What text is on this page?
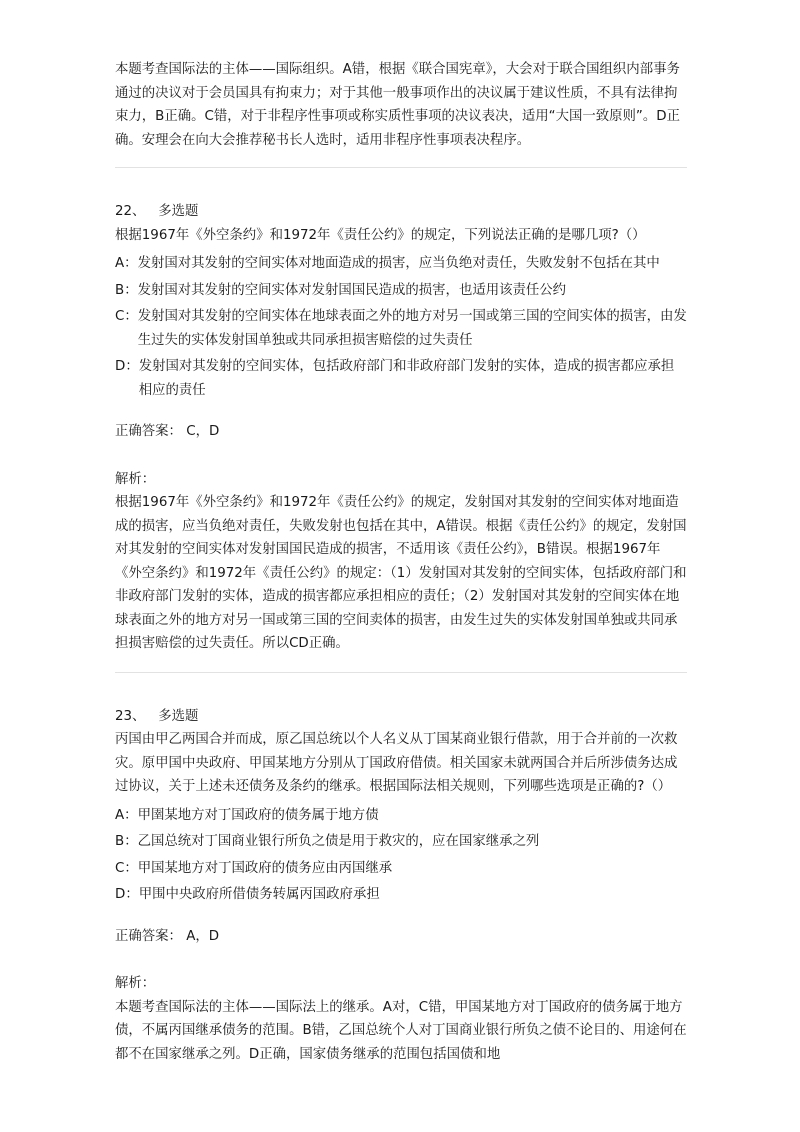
本题考查国际法的主体——国际组织。A错，根据《联合国宪章》，大会对于联合国组织内部事务通过的决议对于会员国具有拘束力；对于其他一般事项作出的决议属于建议性质，不具有法律拘束力，B正确。C错，对于非程序性事项或称实质性事项的决议表决，适用“大国一致原则”。D正确。安理会在向大会推荐秘书长人选时，适用非程序性事项表决程序。

22、 多选题

根据1967年《外空条约》和1972年《责任公约》的规定，下列说法正确的是哪几项?（）

A ： 发射国对其发射的空间实体对地面造成的损害，应当负绝对责任，失败发射不包括在其中
B ： 发射国对其发射的空间实体对发射国国民造成的损害，也适用该责任公约
C ： 发射国对其发射的空间实体在地球表面之外的地方对另一国或第三国的空间实体的损害，由发生过失的实体发射国单独或共同承担损害赔偿的过失责任
D ： 发射国对其发射的空间实体，包括政府部门和非政府部门发射的实体，造成的损害都应承担相应的责任

正确答案： C，D

解析：

根据1967年《外空条约》和1972年《责任公约》的规定，发射国对其发射的空间实体对地面造成的损害，应当负绝对责任，失败发射也包括在其中，A错误。根据《责任公约》的规定，发射国对其发射的空间实体对发射国国民造成的损害，不适用该《责任公约》，B错误。根据1967年《外空条约》和1972年《责任公约》的规定：（1）发射国对其发射的空间实体，包括政府部门和非政府部门发射的实体，造成的损害都应承担相应的责任；（2）发射国对其发射的空间实体在地球表面之外的地方对另一国或第三国的空间卖体的损害，由发生过失的实体发射国单独或共同承担损害赔偿的过失责任。所以CD正确。

23、 多选题

丙国由甲乙两国合并而成，原乙国总统以个人名义从丁国某商业银行借款，用于合并前的一次救灾。原甲国中央政府、甲国某地方分别从丁国政府借债。相关国家未就两国合并后所涉债务达成过协议，关于上述未还债务及条约的继承。根据国际法相关规则，下列哪些选项是正确的?（）

A ： 甲圉某地方对丁国政府的债务属于地方债
B ： 乙国总统对丁国商业银行所负之债是用于救灾的，应在国家继承之列
C ： 甲国某地方对丁国政府的债务应由丙国继承
D ： 甲围中央政府所借债务转属丙国政府承担

正确答案： A，D

解析：

本题考查国际法的主体——国际法上的继承。A对，C错，甲国某地方对丁国政府的债务属于地方债，不属丙国继承债务的范围。B错，乙国总统个人对丁国商业银行所负之债不论目的、用途何在都不在国家继承之列。D正确，国家债务继承的范围包括国债和地
